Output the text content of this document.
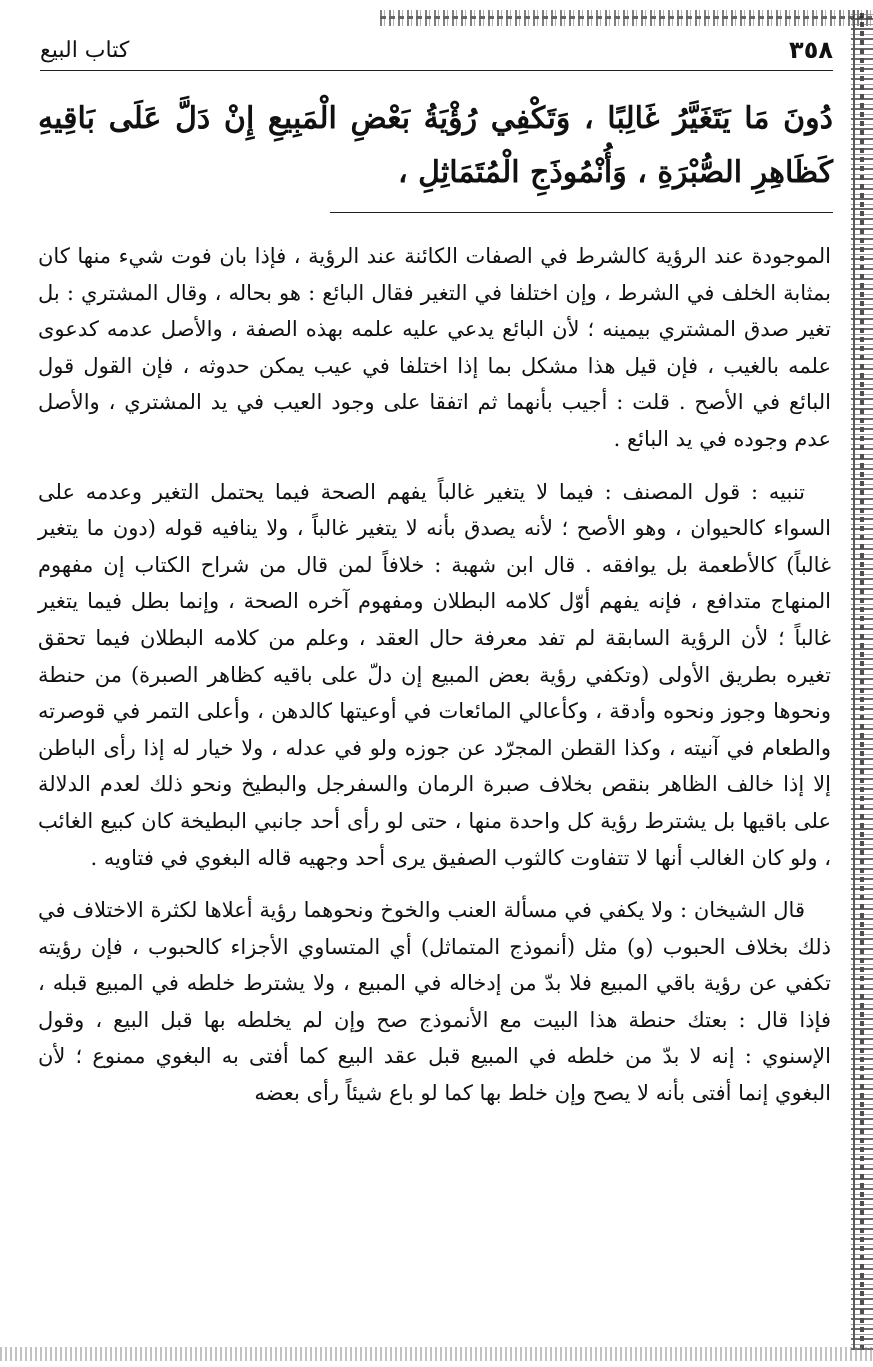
٣٥٨
كتاب البيع
دُونَ مَا يَتَغَيَّرُ غَالِبًا ، وَتَكْفِي رُؤْيَةُ بَعْضِ الْمَبِيعِ إِنْ دَلَّ عَلَى بَاقِيهِ كَظَاهِرِ الصُّبْرَةِ ، وَأُنْمُوذَجِ الْمُتَمَاثِلِ ،

الموجودة عند الرؤية كالشرط في الصفات الكائنة عند الرؤية ، فإذا بان فوت شيء منها كان بمثابة الخلف في الشرط ، وإن اختلفا في التغير فقال البائع : هو بحاله ، وقال المشتري : بل تغير صدق المشتري بيمينه ؛ لأن البائع يدعي عليه علمه بهذه الصفة ، والأصل عدمه كدعوى علمه بالغيب ، فإن قيل هذا مشكل بما إذا اختلفا في عيب يمكن حدوثه ، فإن القول قول البائع في الأصح . قلت : أجيب بأنهما ثم اتفقا على وجود العيب في يد المشتري ، والأصل عدم وجوده في يد البائع .

تنبيه : قول المصنف : فيما لا يتغير غالباً يفهم الصحة فيما يحتمل التغير وعدمه على السواء كالحيوان ، وهو الأصح ؛ لأنه يصدق بأنه لا يتغير غالباً ، ولا ينافيه قوله (دون ما يتغير غالباً) كالأطعمة بل يوافقه . قال ابن شهبة : خلافاً لمن قال من شراح الكتاب إن مفهوم المنهاج متدافع ، فإنه يفهم أوّل كلامه البطلان ومفهوم آخره الصحة ، وإنما بطل فيما يتغير غالباً ؛ لأن الرؤية السابقة لم تفد معرفة حال العقد ، وعلم من كلامه البطلان فيما تحقق تغيره بطريق الأولى (وتكفي رؤية بعض المبيع إن دلّ على باقيه كظاهر الصبرة) من حنطة ونحوها وجوز ونحوه وأدقة ، وكأعالي المائعات في أوعيتها كالدهن ، وأعلى التمر في قوصرته والطعام في آنيته ، وكذا القطن المجرّد عن جوزه ولو في عدله ، ولا خيار له إذا رأى الباطن إلا إذا خالف الظاهر بنقص بخلاف صبرة الرمان والسفرجل والبطيخ ونحو ذلك لعدم الدلالة على باقيها بل يشترط رؤية كل واحدة منها ، حتى لو رأى أحد جانبي البطيخة كان كبيع الغائب ، ولو كان الغالب أنها لا تتفاوت كالثوب الصفيق يرى أحد وجهيه قاله البغوي في فتاويه .

قال الشيخان : ولا يكفي في مسألة العنب والخوخ ونحوهما رؤية أعلاها لكثرة الاختلاف في ذلك بخلاف الحبوب (و) مثل (أنموذج المتماثل) أي المتساوي الأجزاء كالحبوب ، فإن رؤيته تكفي عن رؤية باقي المبيع فلا بدّ من إدخاله في المبيع ، ولا يشترط خلطه في المبيع قبله ، فإذا قال : بعتك حنطة هذا البيت مع الأنموذج صح وإن لم يخلطه بها قبل البيع ، وقول الإسنوي : إنه لا بدّ من خلطه في المبيع قبل عقد البيع كما أفتى به البغوي ممنوع ؛ لأن البغوي إنما أفتى بأنه لا يصح وإن خلط بها كما لو باع شيئاً رأى بعضه
